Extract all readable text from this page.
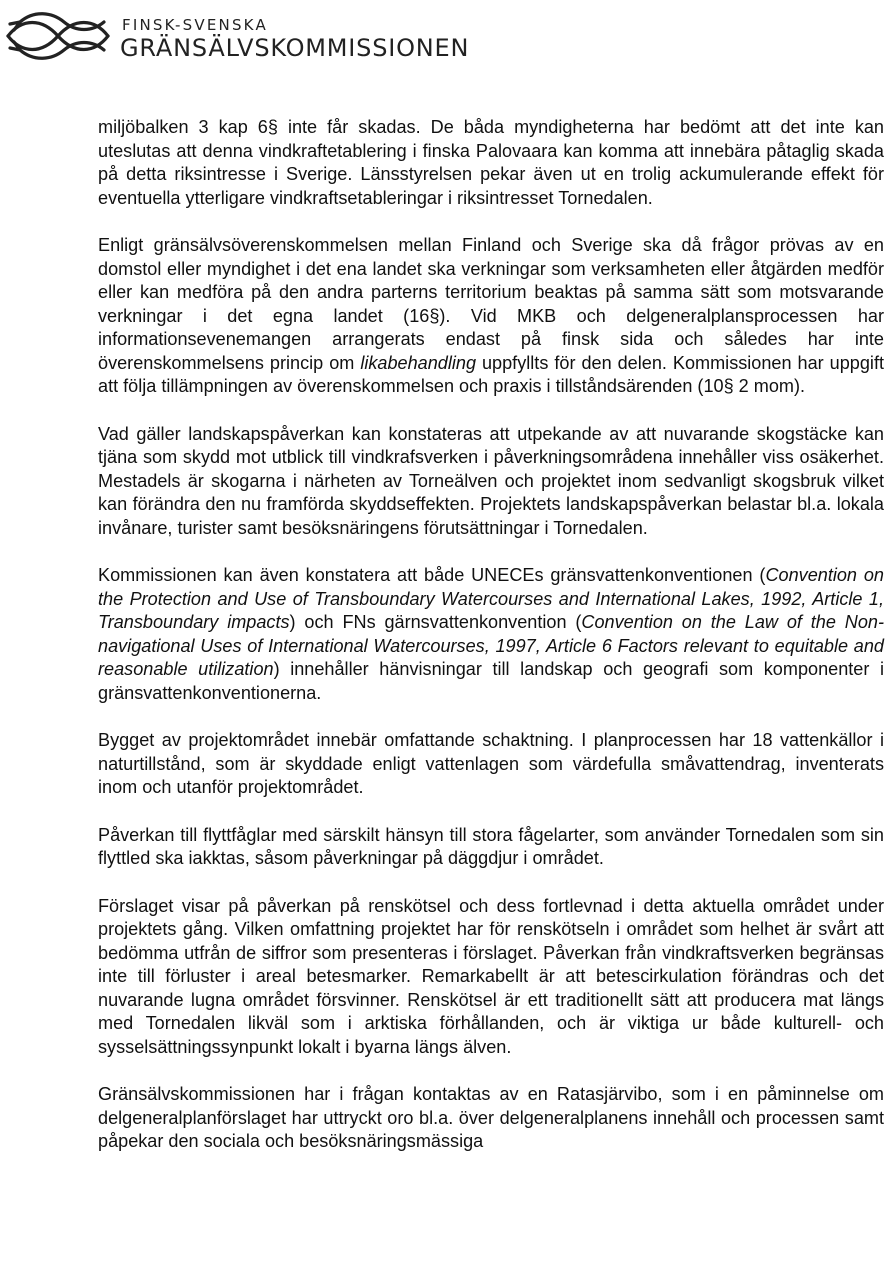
FINSK-SVENSKA
GRÄNSÄLVSKOMMISSIONEN

miljöbalken 3 kap 6§ inte får skadas. De båda myndigheterna har bedömt att det inte kan uteslutas att denna vindkraftetablering i finska Palovaara kan komma att innebära påtaglig skada på detta riksintresse i Sverige. Länsstyrelsen pekar även ut en trolig ackumulerande effekt för eventuella ytterligare vindkraftsetableringar i riksintresset Tornedalen.

Enligt gränsälvsöverenskommelsen mellan Finland och Sverige ska då frågor prövas av en domstol eller myndighet i det ena landet ska verkningar som verksamheten eller åtgärden medför eller kan medföra på den andra parterns territorium beaktas på samma sätt som motsvarande verkningar i det egna landet (16§). Vid MKB och delgeneralplansprocessen har informationsevenemangen arrangerats endast på finsk sida och således har inte överenskommelsens princip om likabehandling uppfyllts för den delen. Kommissionen har uppgift att följa tillämpningen av överenskommelsen och praxis i tillståndsärenden (10§ 2 mom).

Vad gäller landskapspåverkan kan konstateras att utpekande av att nuvarande skogstäcke kan tjäna som skydd mot utblick till vindkrafsverken i påverkningsområdena innehåller viss osäkerhet. Mestadels är skogarna i närheten av Torneälven och projektet inom sedvanligt skogsbruk vilket kan förändra den nu framförda skyddseffekten. Projektets landskapspåverkan belastar bl.a. lokala invånare, turister samt besöksnäringens förutsättningar i Tornedalen.

Kommissionen kan även konstatera att både UNECEs gränsvattenkonventionen (Convention on the Protection and Use of Transboundary Watercourses and International Lakes, 1992, Article 1, Transboundary impacts) och FNs gärnsvattenkonvention (Convention on the Law of the Non-navigational Uses of International Watercourses, 1997, Article 6 Factors relevant to equitable and reasonable utilization) innehåller hänvisningar till landskap och geografi som komponenter i gränsvattenkonventionerna.

Bygget av projektområdet innebär omfattande schaktning. I planprocessen har 18 vattenkällor i naturtillstånd, som är skyddade enligt vattenlagen som värdefulla småvattendrag, inventerats inom och utanför projektområdet.

Påverkan till flyttfåglar med särskilt hänsyn till stora fågelarter, som använder Tornedalen som sin flyttled ska iakktas, såsom påverkningar på däggdjur i området.

Förslaget visar på påverkan på renskötsel och dess fortlevnad i detta aktuella området under projektets gång. Vilken omfattning projektet har för renskötseln i området som helhet är svårt att bedömma utfrån de siffror som presenteras i förslaget. Påverkan från vindkraftsverken begränsas inte till förluster i areal betesmarker. Remarkabellt är att betescirkulation förändras och det nuvarande lugna området försvinner. Renskötsel är ett traditionellt sätt att producera mat längs med Tornedalen likväl som i arktiska förhållanden, och är viktiga ur både kulturell- och sysselsättningssynpunkt lokalt i byarna längs älven.

Gränsälvskommissionen har i frågan kontaktas av en Ratasjärvibo, som i en påminnelse om delgeneralplanförslaget har uttryckt oro bl.a. över delgeneralplanens innehåll och processen samt påpekar den sociala och besöksnäringsmässiga
